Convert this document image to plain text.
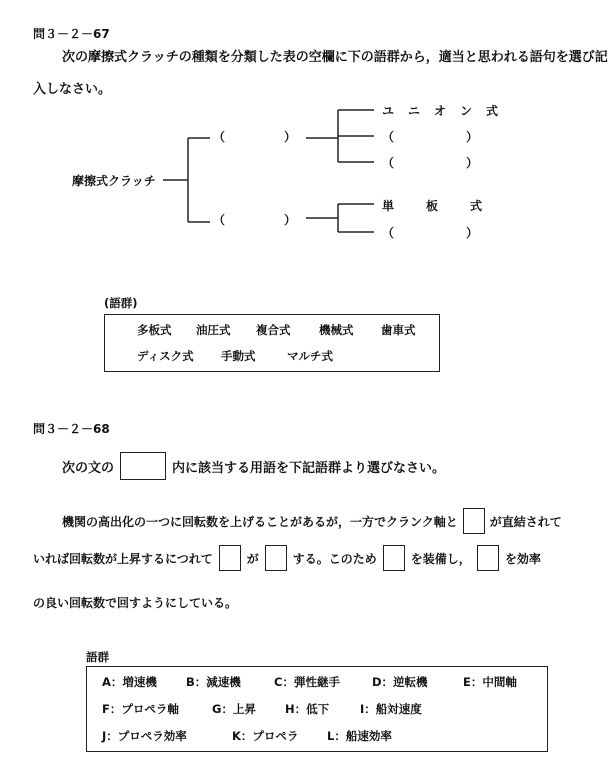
問３－２－67
次の摩擦式クラッチの種類を分類した表の空欄に下の語群から，適当と思われる語句を選び記
入しなさい。
摩擦式クラッチ
（	）
（	）
ユニオン式
（	）
（	）
単　板　式
（	）
(語群)
多板式 油圧式 複合式 機械式 歯車式
ディスク式 手動式	マルチ式
問３－２－68
次の文の	内に該当する用語を下記語群より選びなさい。
機関の高出化の一つに回転数を上げることがあるが，一方でクランク軸と	が直結されて
いれば回転数が上昇するにつれて	が	する。このため	を装備し，	を効率
の良い回転数で回すようにしている。
語群
A：増速機	B：減速機	C：弾性継手	D：逆転機	E：中間軸
F：プロペラ軸	G：上昇	H：低下	I：船対速度
J：プロペラ効率	K：プロペラ L：船速効率
